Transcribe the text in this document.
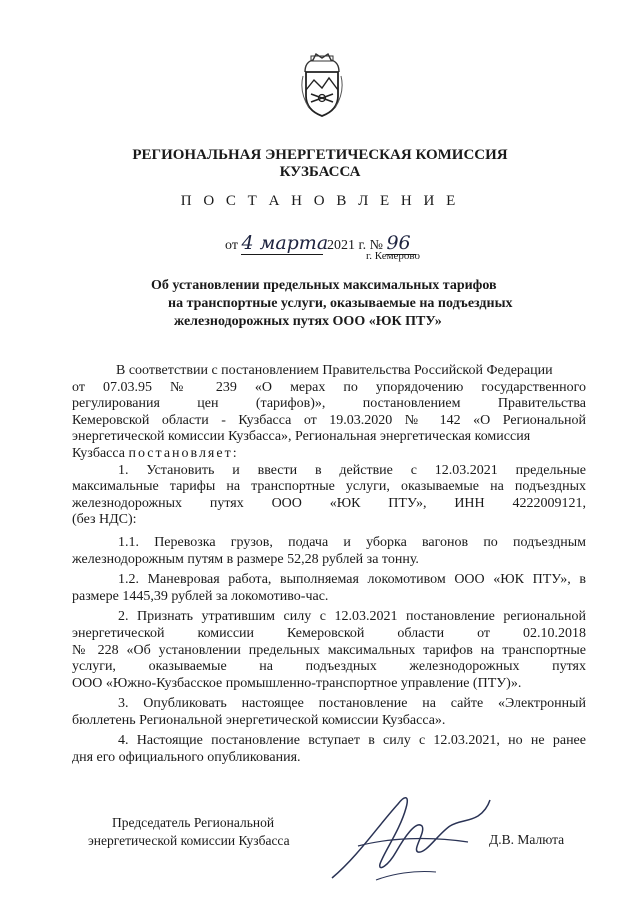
РЕГИОНАЛЬНАЯ ЭНЕРГЕТИЧЕСКАЯ КОМИССИЯ
КУЗБАССА
П О С Т А Н О В Л Е Н И Е
от 4 марта 2021 г. № 96
г. Кемерово
Об установлении предельных максимальных тарифов
на транспортные услуги, оказываемые на подъездных
железнодорожных путях ООО «ЮК ПТУ»
В соответствии с постановлением Правительства Российской Федерации
от 07.03.95 № 239 «О мерах по упорядочению государственного
регулирования цен (тарифов)», постановлением Правительства
Кемеровской области - Кузбасса от 19.03.2020 № 142 «О Региональной
энергетической комиссии Кузбасса», Региональная энергетическая комиссия
Кузбасса постановляет:
1. Установить и ввести в действие с 12.03.2021 предельные
максимальные тарифы на транспортные услуги, оказываемые на подъездных
железнодорожных путях ООО «ЮК ПТУ», ИНН 4222009121,
(без НДС):
1.1. Перевозка грузов, подача и уборка вагонов по подъездным
железнодорожным путям в размере 52,28 рублей за тонну.
1.2. Маневровая работа, выполняемая локомотивом ООО «ЮК ПТУ», в
размере 1445,39 рублей за локомотиво-час.
2. Признать утратившим силу с 12.03.2021 постановление региональной
энергетической комиссии Кемеровской области от 02.10.2018
№ 228 «Об установлении предельных максимальных тарифов на транспортные
услуги, оказываемые на подъездных железнодорожных путях
ООО «Южно-Кузбасское промышленно-транспортное управление (ПТУ)».
3. Опубликовать настоящее постановление на сайте «Электронный
бюллетень Региональной энергетической комиссии Кузбасса».
4. Настоящие постановление вступает в силу с 12.03.2021, но не ранее
дня его официального опубликования.
Председатель Региональной
энергетической комиссии Кузбасса	Д.В. Малюта
